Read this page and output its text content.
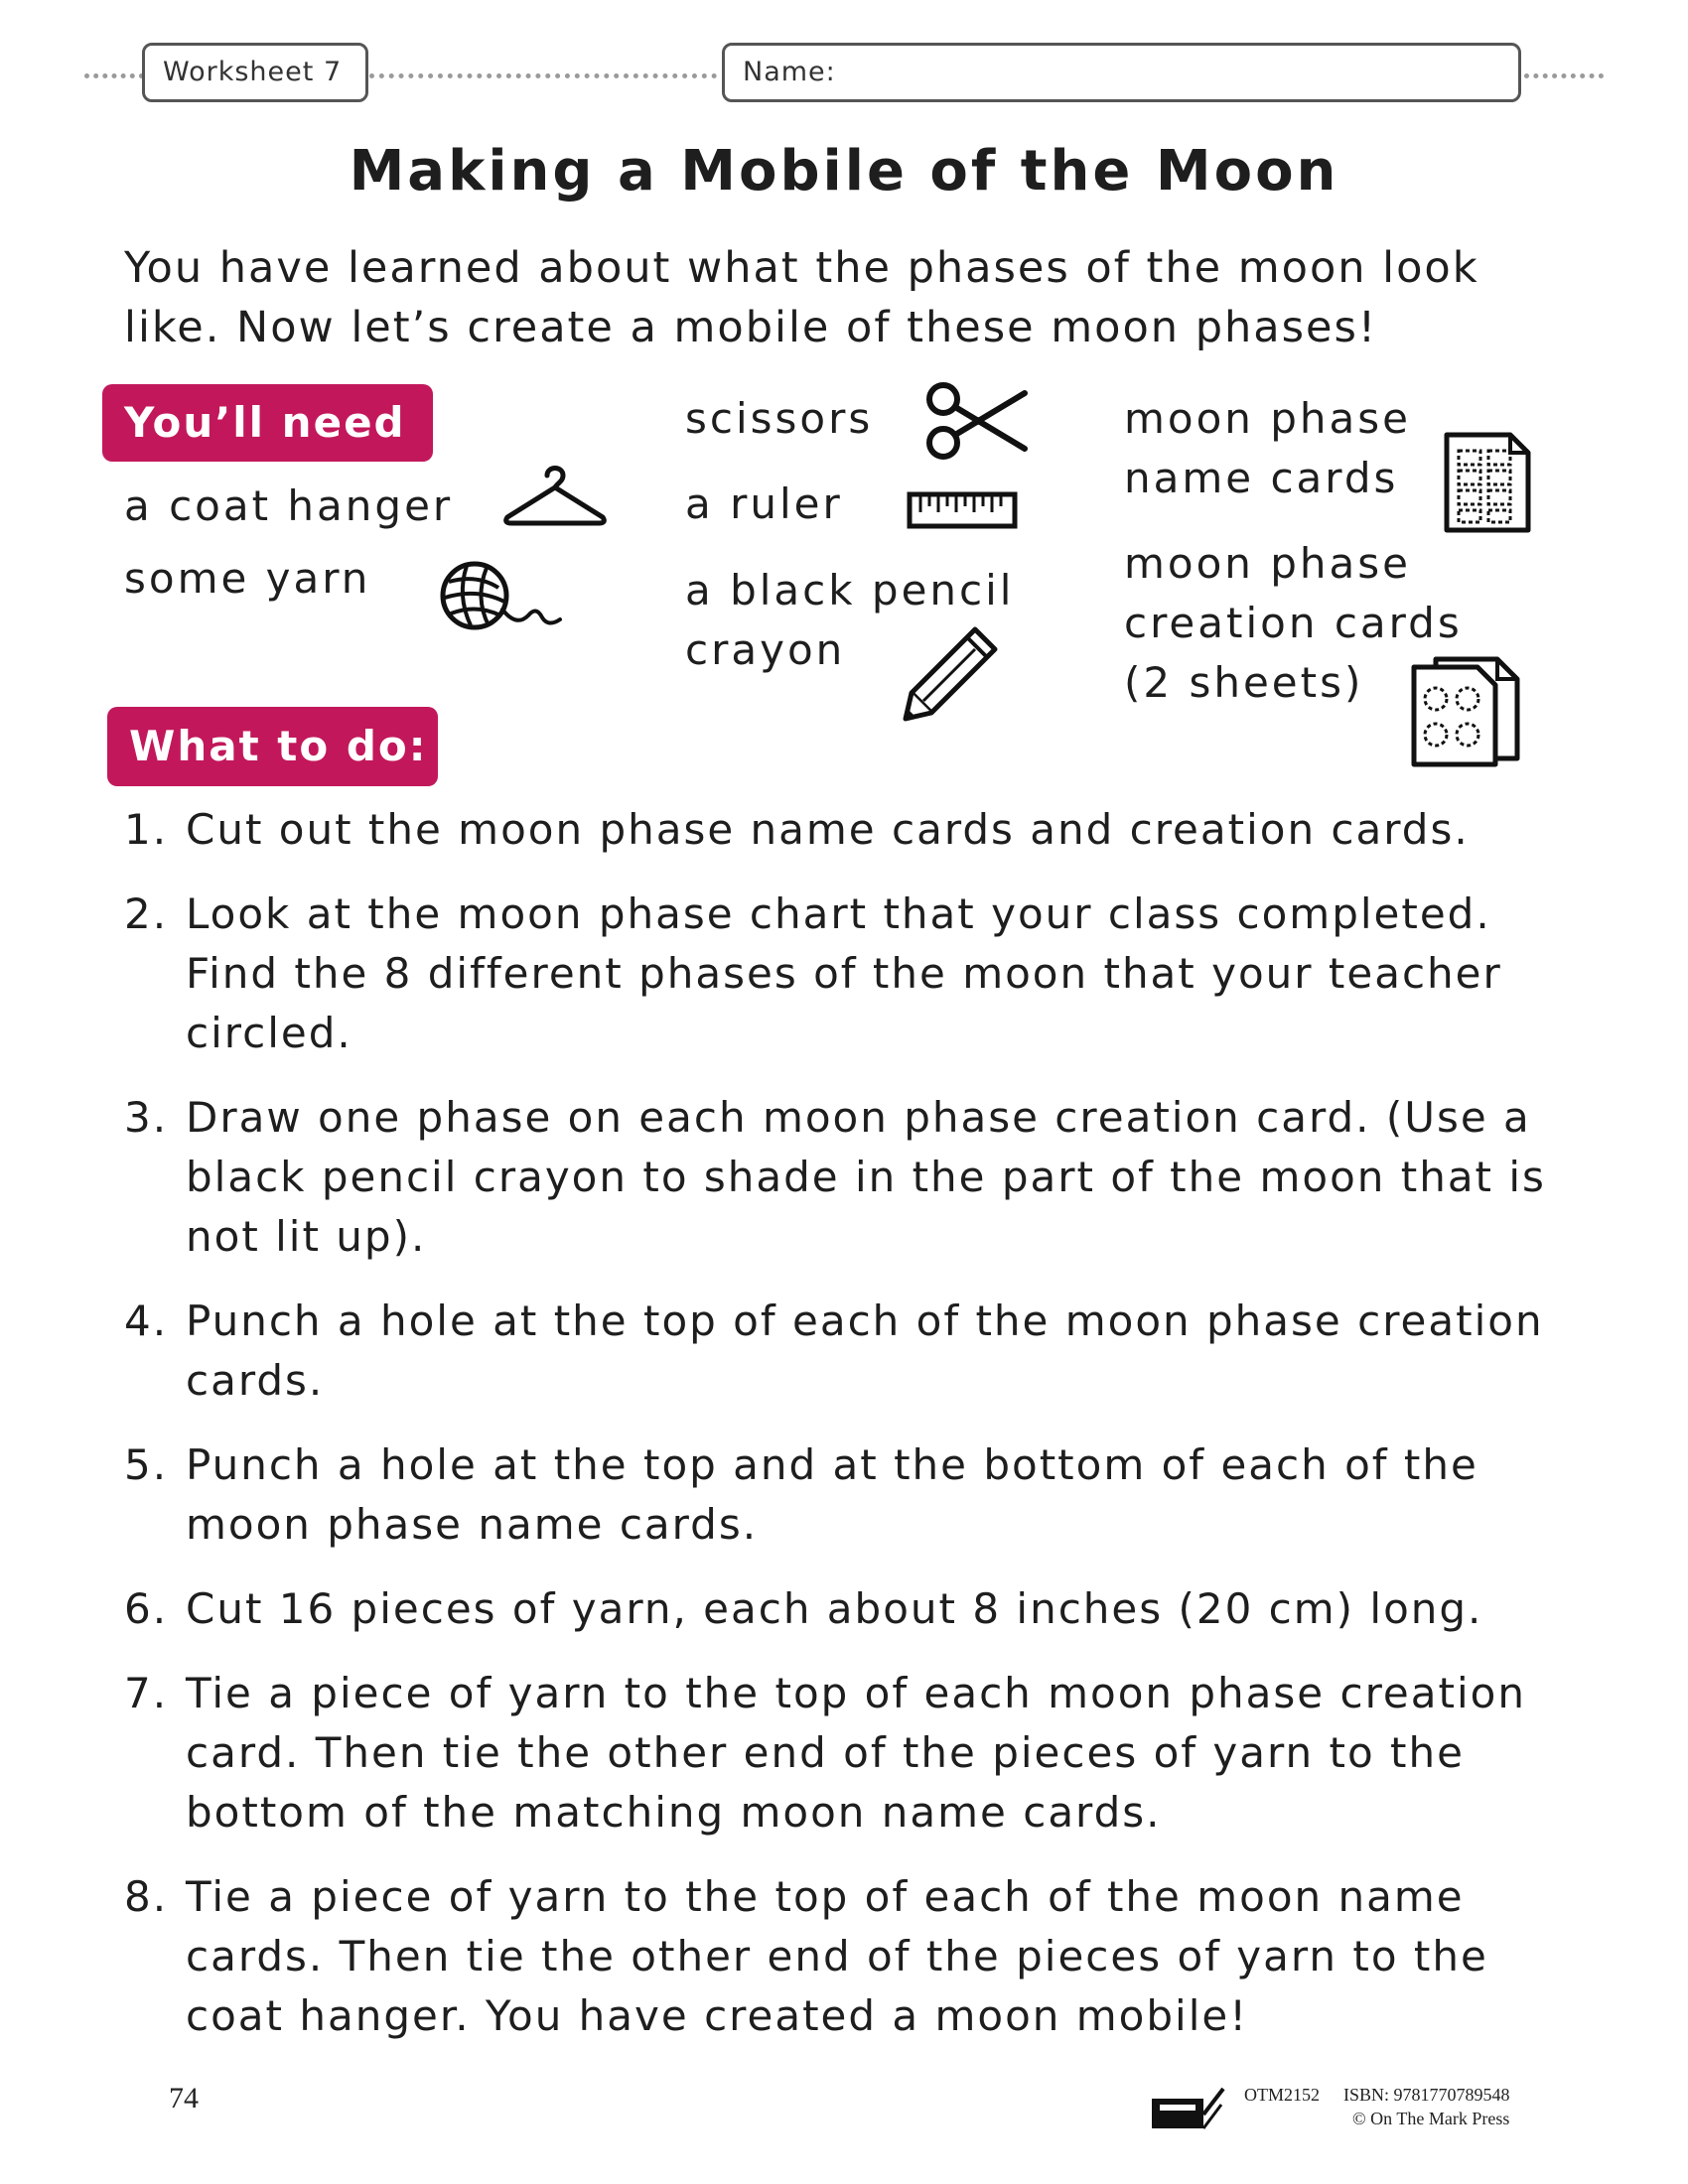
Worksheet 7	Name:
Making a Mobile of the Moon
You have learned about what the phases of the moon look like. Now let’s create a mobile of these moon phases!
You’ll need
a coat hanger
some yarn
scissors
a ruler
a black pencil crayon
moon phase name cards
moon phase creation cards (2 sheets)
What to do:
1. Cut out the moon phase name cards and creation cards.
2. Look at the moon phase chart that your class completed. Find the 8 different phases of the moon that your teacher circled.
3. Draw one phase on each moon phase creation card. (Use a black pencil crayon to shade in the part of the moon that is not lit up).
4. Punch a hole at the top of each of the moon phase creation cards.
5. Punch a hole at the top and at the bottom of each of the moon phase name cards.
6. Cut 16 pieces of yarn, each about 8 inches (20 cm) long.
7. Tie a piece of yarn to the top of each moon phase creation card. Then tie the other end of the pieces of yarn to the bottom of the matching moon name cards.
8. Tie a piece of yarn to the top of each of the moon name cards. Then tie the other end of the pieces of yarn to the coat hanger. You have created a moon mobile!
74	OTM2152 ISBN: 9781770789548
© On The Mark Press
